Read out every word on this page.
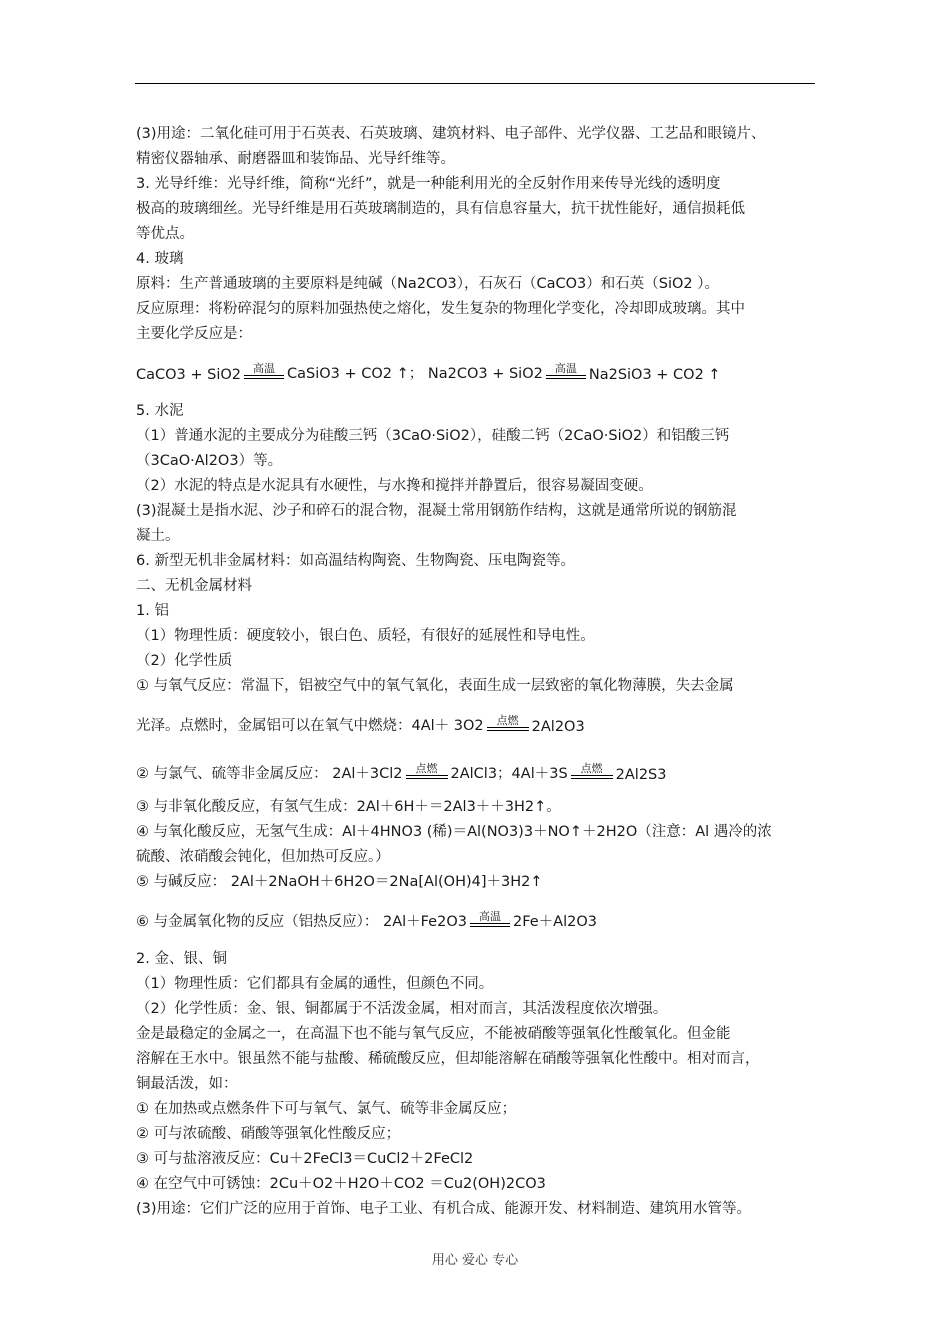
(3)用途：二氧化硅可用于石英表、石英玻璃、建筑材料、电子部件、光学仪器、工艺品和眼镜片、
精密仪器轴承、耐磨器皿和装饰品、光导纤维等。
3. 光导纤维：光导纤维，简称“光纤”，就是一种能利用光的全反射作用来传导光线的透明度
极高的玻璃细丝。光导纤维是用石英玻璃制造的，具有信息容量大，抗干扰性能好，通信损耗低
等优点。
4. 玻璃
原料：生产普通玻璃的主要原料是纯碱（Na2CO3），石灰石（CaCO3）和石英（SiO2 ）。
反应原理：将粉碎混匀的原料加强热使之熔化，发生复杂的物理化学变化，冷却即成玻璃。其中
主要化学反应是：
CaCO3 + SiO2 高温 CaSiO3 + CO2 ↑； Na2CO3 + SiO2 高温 Na2SiO3 + CO2 ↑
5. 水泥
（1）普通水泥的主要成分为硅酸三钙（3CaO·SiO2），硅酸二钙（2CaO·SiO2）和铝酸三钙
（3CaO·Al2O3）等。
（2）水泥的特点是水泥具有水硬性，与水搀和搅拌并静置后，很容易凝固变硬。
(3)混凝土是指水泥、沙子和碎石的混合物，混凝土常用钢筋作结构，这就是通常所说的钢筋混
凝土。
6. 新型无机非金属材料：如高温结构陶瓷、生物陶瓷、压电陶瓷等。
二、无机金属材料
1. 铝
（1）物理性质：硬度较小，银白色、质轻，有很好的延展性和导电性。
（2）化学性质
① 与氧气反应：常温下，铝被空气中的氧气氧化，表面生成一层致密的氧化物薄膜，失去金属
光泽。点燃时，金属铝可以在氧气中燃烧：4Al＋ 3O2 点燃 2Al2O3
② 与氯气、硫等非金属反应： 2Al＋3Cl2 点燃 2AlCl3；4Al＋3S 点燃 2Al2S3
③ 与非氧化酸反应，有氢气生成：2Al＋6H＋＝2Al3＋＋3H2↑。
④ 与氧化酸反应，无氢气生成：Al＋4HNO3 (稀)＝Al(NO3)3＋NO↑＋2H2O（注意：Al 遇冷的浓
硫酸、浓硝酸会钝化，但加热可反应。）
⑤ 与碱反应： 2Al＋2NaOH＋6H2O＝2Na[Al(OH)4]＋3H2↑
⑥ 与金属氧化物的反应（铝热反应）： 2Al＋Fe2O3 高温 2Fe＋Al2O3
2. 金、银、铜
（1）物理性质：它们都具有金属的通性，但颜色不同。
（2）化学性质：金、银、铜都属于不活泼金属，相对而言，其活泼程度依次增强。
金是最稳定的金属之一，在高温下也不能与氧气反应，不能被硝酸等强氧化性酸氧化。但金能
溶解在王水中。银虽然不能与盐酸、稀硫酸反应，但却能溶解在硝酸等强氧化性酸中。相对而言，
铜最活泼，如：
① 在加热或点燃条件下可与氧气、氯气、硫等非金属反应；
② 可与浓硫酸、硝酸等强氧化性酸反应；
③ 可与盐溶液反应：Cu＋2FeCl3＝CuCl2＋2FeCl2
④ 在空气中可锈蚀：2Cu＋O2＋H2O＋CO2 ＝Cu2(OH)2CO3
(3)用途：它们广泛的应用于首饰、电子工业、有机合成、能源开发、材料制造、建筑用水管等。
用心 爱心 专心
